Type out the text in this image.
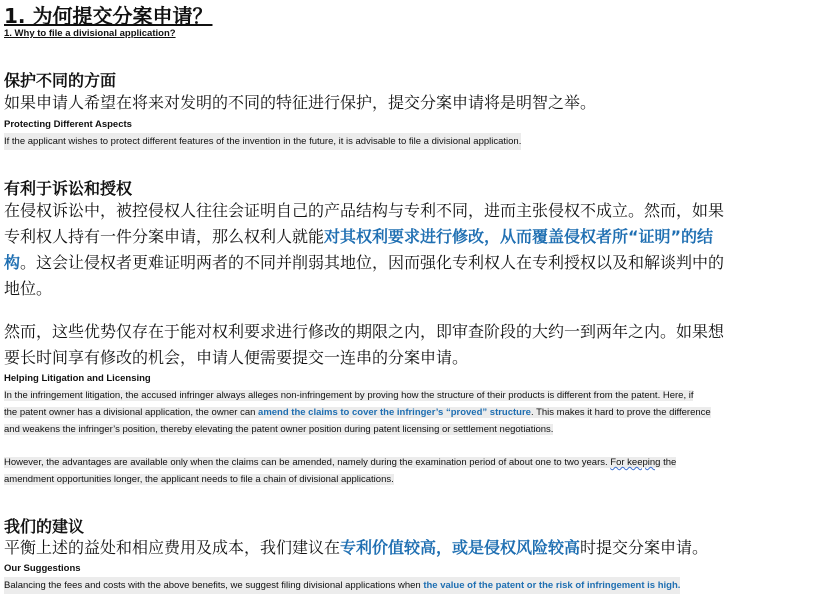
1. 为何提交分案申请？
1. Why to file a divisional application?
保护不同的方面
如果申请人希望在将来对发明的不同的特征进行保护，提交分案申请将是明智之举。
Protecting Different Aspects
If the applicant wishes to protect different features of the invention in the future, it is advisable to file a divisional application.
有利于诉讼和授权
在侵权诉讼中，被控侵权人往往会证明自己的产品结构与专利不同，进而主张侵权不成立。然而，如果
专利权人持有一件分案申请，那么权利人就能对其权利要求进行修改，从而覆盖侵权者所“证明”的结
构。这会让侵权者更难证明两者的不同并削弱其地位，因而强化专利权人在专利授权以及和解谈判中的
地位。
然而，这些优势仅存在于能对权利要求进行修改的期限之内，即审查阶段的大约一到两年之内。如果想
要长时间享有修改的机会，申请人便需要提交一连串的分案申请。
Helping Litigation and Licensing
In the infringement litigation, the accused infringer always alleges non-infringement by proving how the structure of their products is different from the patent. Here, if
the patent owner has a divisional application, the owner can amend the claims to cover the infringer’s “proved” structure. This makes it hard to prove the difference
and weakens the infringer’s position, thereby elevating the patent owner position during patent licensing or settlement negotiations.
However, the advantages are available only when the claims can be amended, namely during the examination period of about one to two years. For keeping the
amendment opportunities longer, the applicant needs to file a chain of divisional applications.
我们的建议
平衡上述的益处和相应费用及成本，我们建议在专利价值较高，或是侵权风险较高时提交分案申请。
Our Suggestions
Balancing the fees and costs with the above benefits, we suggest filing divisional applications when the value of the patent or the risk of infringement is high.
